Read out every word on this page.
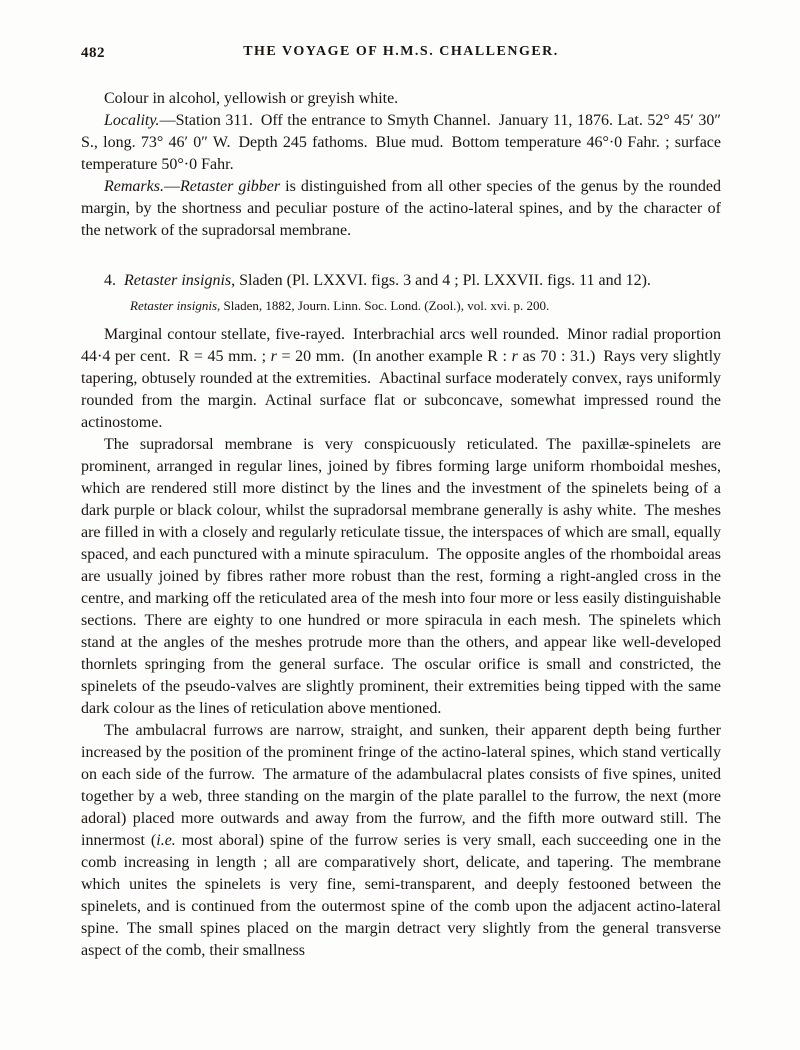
482	THE VOYAGE OF H.M.S. CHALLENGER.

Colour in alcohol, yellowish or greyish white.

Locality.—Station 311. Off the entrance to Smyth Channel. January 11, 1876. Lat. 52° 45′ 30″ S., long. 73° 46′ 0″ W. Depth 245 fathoms. Blue mud. Bottom temperature 46°·0 Fahr. ; surface temperature 50°·0 Fahr.

Remarks.—Retaster gibber is distinguished from all other species of the genus by the rounded margin, by the shortness and peculiar posture of the actino-lateral spines, and by the character of the network of the supradorsal membrane.

4. Retaster insignis, Sladen (Pl. LXXVI. figs. 3 and 4 ; Pl. LXXVII. figs. 11 and 12).

Retaster insignis, Sladen, 1882, Journ. Linn. Soc. Lond. (Zool.), vol. xvi. p. 200.

Marginal contour stellate, five-rayed. Interbrachial arcs well rounded. Minor radial proportion 44·4 per cent. R = 45 mm. ; r = 20 mm. (In another example R : r as 70 : 31.) Rays very slightly tapering, obtusely rounded at the extremities. Abactinal surface moderately convex, rays uniformly rounded from the margin. Actinal surface flat or subconcave, somewhat impressed round the actinostome.

The supradorsal membrane is very conspicuously reticulated. The paxillæ-spinelets are prominent, arranged in regular lines, joined by fibres forming large uniform rhomboidal meshes, which are rendered still more distinct by the lines and the investment of the spinelets being of a dark purple or black colour, whilst the supradorsal membrane generally is ashy white. The meshes are filled in with a closely and regularly reticulate tissue, the interspaces of which are small, equally spaced, and each punctured with a minute spiraculum. The opposite angles of the rhomboidal areas are usually joined by fibres rather more robust than the rest, forming a right-angled cross in the centre, and marking off the reticulated area of the mesh into four more or less easily distinguishable sections. There are eighty to one hundred or more spiracula in each mesh. The spinelets which stand at the angles of the meshes protrude more than the others, and appear like well-developed thornlets springing from the general surface. The oscular orifice is small and constricted, the spinelets of the pseudo-valves are slightly prominent, their extremities being tipped with the same dark colour as the lines of reticulation above mentioned.

The ambulacral furrows are narrow, straight, and sunken, their apparent depth being further increased by the position of the prominent fringe of the actino-lateral spines, which stand vertically on each side of the furrow. The armature of the adambulacral plates consists of five spines, united together by a web, three standing on the margin of the plate parallel to the furrow, the next (more adoral) placed more outwards and away from the furrow, and the fifth more outward still. The innermost (i.e. most aboral) spine of the furrow series is very small, each succeeding one in the comb increasing in length ; all are comparatively short, delicate, and tapering. The membrane which unites the spinelets is very fine, semi-transparent, and deeply festooned between the spinelets, and is continued from the outermost spine of the comb upon the adjacent actino-lateral spine. The small spines placed on the margin detract very slightly from the general transverse aspect of the comb, their smallness
